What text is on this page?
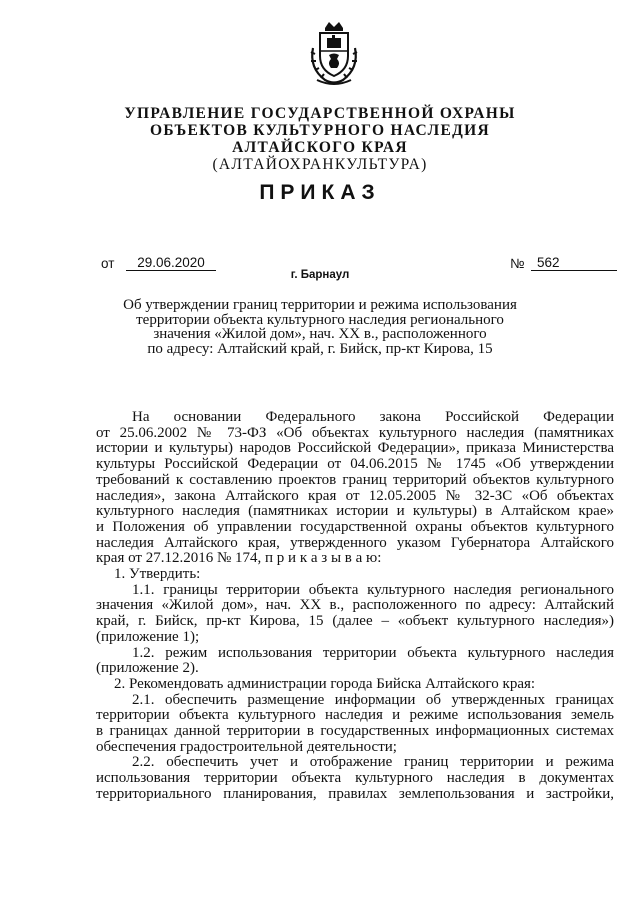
УПРАВЛЕНИЕ ГОСУДАРСТВЕННОЙ ОХРАНЫ
ОБЪЕКТОВ КУЛЬТУРНОГО НАСЛЕДИЯ
АЛТАЙСКОГО КРАЯ
(АЛТАЙОХРАНКУЛЬТУРА)
ПРИКАЗ
от	29.06.2020	№ 562
г. Барнаул
Об утверждении границ территории и режима использования
территории объекта культурного наследия регионального
значения «Жилой дом», нач. XX в., расположенного
по адресу: Алтайский край, г. Бийск, пр-кт Кирова, 15
На основании Федерального закона Российской Федерации
от 25.06.2002 № 73-ФЗ «Об объектах культурного наследия (памятниках
истории и культуры) народов Российской Федерации», приказа Министерства
культуры Российской Федерации от 04.06.2015 № 1745 «Об утверждении
требований к составлению проектов границ территорий объектов культурного
наследия», закона Алтайского края от 12.05.2005 № 32-ЗС «Об объектах
культурного наследия (памятниках истории и культуры) в Алтайском крае»
и Положения об управлении государственной охраны объектов культурного
наследия Алтайского края, утвержденного указом Губернатора Алтайского
края от 27.12.2016 № 174, п р и к а з ы в а ю:
1. Утвердить:
1.1. границы территории объекта культурного наследия регионального
значения «Жилой дом», нач. XX в., расположенного по адресу: Алтайский
край, г. Бийск, пр-кт Кирова, 15 (далее – «объект культурного наследия»)
(приложение 1);
1.2. режим использования территории объекта культурного наследия
(приложение 2).
2. Рекомендовать администрации города Бийска Алтайского края:
2.1. обеспечить размещение информации об утвержденных границах
территории объекта культурного наследия и режиме использования земель
в границах данной территории в государственных информационных системах
обеспечения градостроительной деятельности;
2.2. обеспечить учет и отображение границ территории и режима
использования территории объекта культурного наследия в документах
территориального планирования, правилах землепользования и застройки,
